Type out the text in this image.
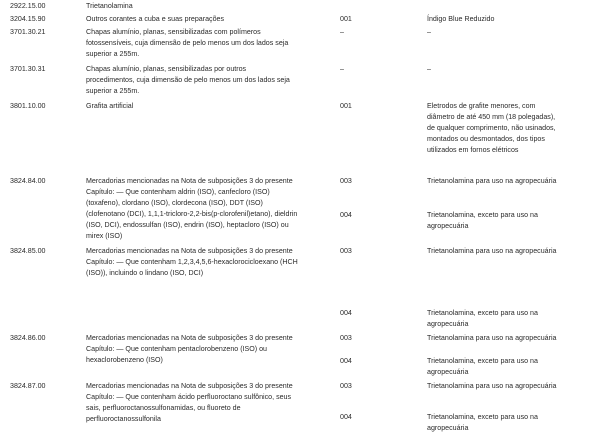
2922.15.00	Trietanolamina
3204.15.90	Outros corantes a cuba e suas preparações	001	Índigo Blue Reduzido
3701.30.21	Chapas alumínio, planas, sensibilizadas com polímeros
fotossensíveis, cuja dimensão de pelo menos um dos lados seja
superior a 255m.
–	–
3701.30.31	Chapas alumínio, planas, sensibilizadas por outros
procedimentos, cuja dimensão de pelo menos um dos lados seja
superior a 255m.
–	–
3801.10.00	Grafita artificial	001	Eletrodos de grafite menores, com
diâmetro de até 450 mm (18 polegadas),
de qualquer comprimento, não usinados,
montados ou desmontados, dos tipos
utilizados em fornos elétricos
3824.84.00	Mercadorias mencionadas na Nota de subposições 3 do presente
Capítulo: — Que contenham aldrin (ISO), canfecloro (ISO)
(toxafeno), clordano (ISO), clordecona (ISO), DDT (ISO)
(clofenotano (DCI), 1,1,1-tricloro-2,2-bis(p-clorofenil)etano), dieldrin
(ISO, DCI), endossulfan (ISO), endrin (ISO), heptacloro (ISO) ou
mirex (ISO)
003	Trietanolamina para uso na agropecuária
004	Trietanolamina, exceto para uso na
agropecuária
3824.85.00	Mercadorias mencionadas na Nota de subposições 3 do presente
Capítulo: — Que contenham 1,2,3,4,5,6-hexaclorocicloexano (HCH
(ISO)), incluindo o lindano (ISO, DCI)
003	Trietanolamina para uso na agropecuária
004	Trietanolamina, exceto para uso na
agropecuária
3824.86.00	Mercadorias mencionadas na Nota de subposições 3 do presente
Capítulo: — Que contenham pentaclorobenzeno (ISO) ou
hexaclorobenzeno (ISO)
003	Trietanolamina para uso na agropecuária
004	Trietanolamina, exceto para uso na
agropecuária
3824.87.00	Mercadorias mencionadas na Nota de subposições 3 do presente
Capítulo: — Que contenham ácido perfluoroctano sulfônico, seus
sais, perfluoroctanossulfonamidas, ou fluoreto de
perfluoroctanossulfonila
003	Trietanolamina para uso na agropecuária
004	Trietanolamina, exceto para uso na
agropecuária
